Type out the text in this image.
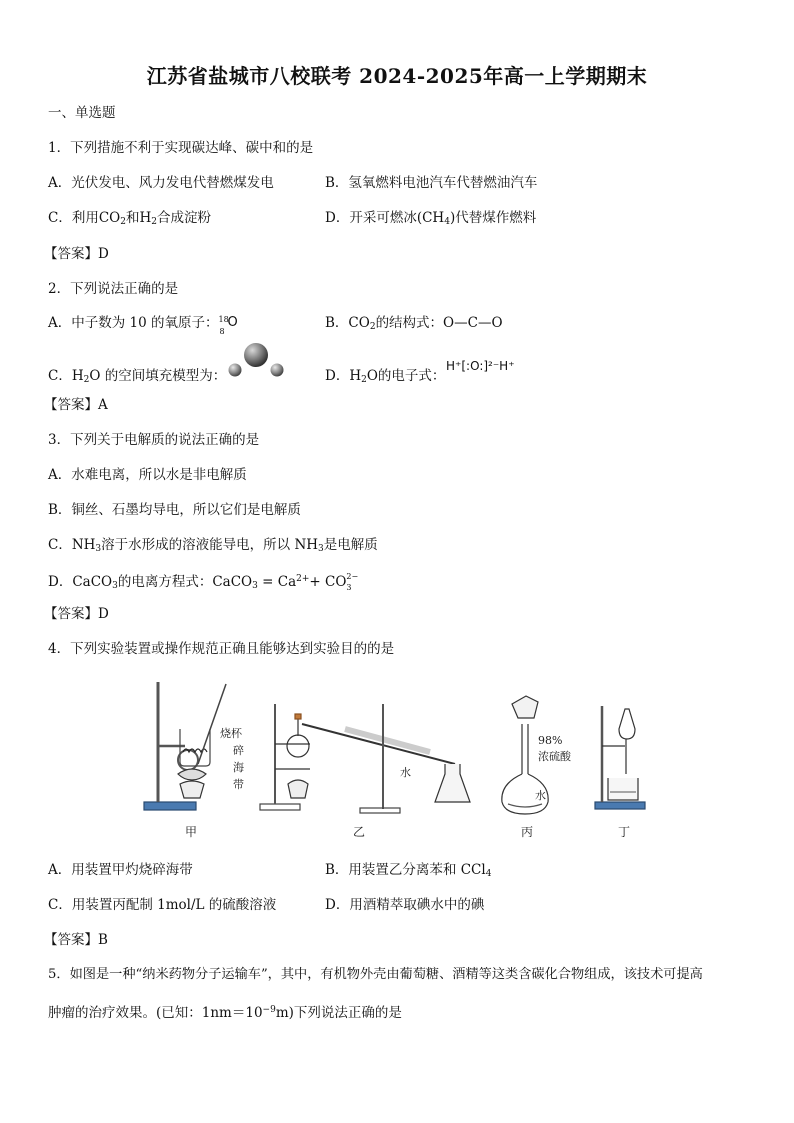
江苏省盐城市八校联考 2024-2025年高一上学期期末
一、单选题
1．下列措施不利于实现碳达峰、碳中和的是
A．光伏发电、风力发电代替燃煤发电	B．氢氧燃料电池汽车代替燃油汽车
C．利用$CO_2$和$H_2$合成淀粉	D．开采可燃冰$(CH_4)$代替煤作燃料
【答案】D
2．下列说法正确的是
A．中子数为 10 的氧原子： 18
8
O	B．$CO_2$的结构式：O—C—O
C．$H_2O$ 的空间填充模型为：	D．$H_2O$的电子式：
H⁺[:O:]²⁻H⁺
【答案】A
3．下列关于电解质的说法正确的是
A．水难电离，所以水是非电解质
B．铜丝、石墨均导电，所以它们是电解质
C．$NH_3$溶于水形成的溶液能导电，所以 $NH_3$是电解质
D．CaCO$_3$的电离方程式：CaCO$_3$ = $Ca^{2+}+$ CO 2−
3
【答案】D
4．下列实验装置或操作规范正确且能够达到实验目的的是
烧杯
碎
海
带
水
98%
浓硫酸
水
甲	乙	丙	丁
A．用装置甲灼烧碎海带	B．用装置乙分离苯和 CCl$_4$
C．用装置丙配制 1mol/L 的硫酸溶液	D．用酒精萃取碘水中的碘
【答案】B
5．如图是一种“纳米药物分子运输车”，其中，有机物外壳由葡萄糖、酒精等这类含碳化合物组成，该技术可提高
肿瘤的治疗效果。(已知：$1nm=10^{-9}m$)下列说法正确的是
